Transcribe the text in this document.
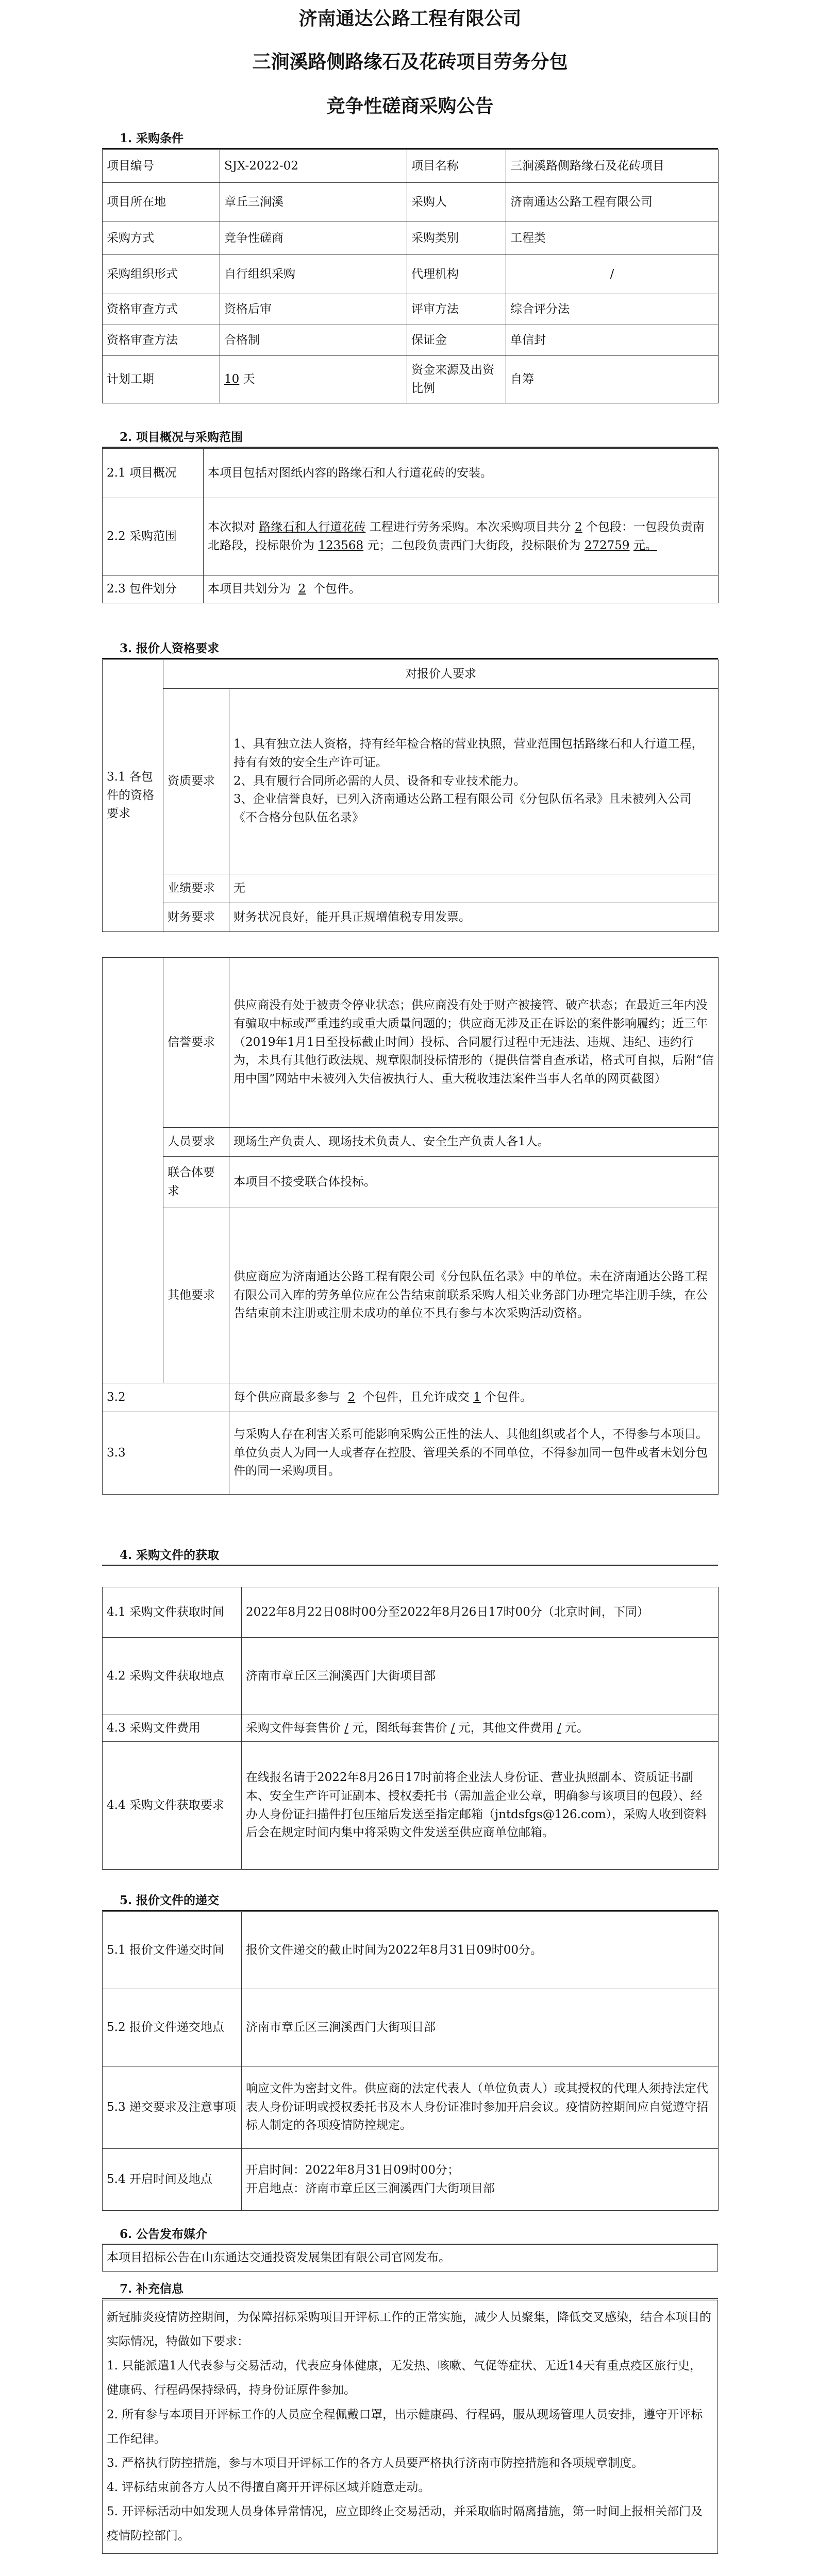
济南通达公路工程有限公司
三涧溪路侧路缘石及花砖项目劳务分包
竞争性磋商采购公告
1. 采购条件
项目编号	SJX-2022-02	项目名称	三涧溪路侧路缘石及花砖项目
项目所在地	章丘三涧溪	采购人	济南通达公路工程有限公司
采购方式	竞争性磋商	采购类别	工程类
采购组织形式	自行组织采购	代理机构	/
资格审查方式	资格后审	评审方法	综合评分法
资格审查方法	合格制	保证金	单信封
计划工期	10 天	资金来源及出资比例	自筹
2. 项目概况与采购范围
2.1 项目概况	本项目包括对图纸内容的路缘石和人行道花砖的安装。
2.2 采购范围	本次拟对 路缘石和人行道花砖 工程进行劳务采购。本次采购项目共分 2 个包段：一包段负责南北路段，投标限价为 123568 元；二包段负责西门大街段，投标限价为 272759 元。
2.3 包件划分	本项目共划分为 2 个包件。
3. 报价人资格要求
3.1 各包件的资格要求	对报价人要求	
	资质要求	1、具有独立法人资格，持有经年检合格的营业执照，营业范围包括路缘石和人行道工程，持有有效的安全生产许可证。
2、具有履行合同所必需的人员、设备和专业技术能力。
3、企业信誉良好，已列入济南通达公路工程有限公司《分包队伍名录》且未被列入公司《不合格分包队伍名录》

	业绩要求	无
	财务要求	财务状况良好，能开具正规增值税专用发票。

	信誉要求	供应商没有处于被责令停业状态；供应商没有处于财产被接管、破产状态；在最近三年内没有骗取中标或严重违约或重大质量问题的；供应商无涉及正在诉讼的案件影响履约；近三年（2019年1月1日至投标截止时间）投标、合同履行过程中无违法、违规、违纪、违约行为，未具有其他行政法规、规章限制投标情形的（提供信誉自查承诺，格式可自拟，后附“信用中国”网站中未被列入失信被执行人、重大税收违法案件当事人名单的网页截图）
	人员要求	现场生产负责人、现场技术负责人、安全生产负责人各1人。
	联合体要求	本项目不接受联合体投标。
	其他要求	供应商应为济南通达公路工程有限公司《分包队伍名录》中的单位。未在济南通达公路工程有限公司入库的劳务单位应在公告结束前联系采购人相关业务部门办理完毕注册手续，在公告结束前未注册或注册未成功的单位不具有参与本次采购活动资格。
3.2		每个供应商最多参与 2 个包件，且允许成交 1 个包件。
3.3		与采购人存在利害关系可能影响采购公正性的法人、其他组织或者个人，不得参与本项目。单位负责人为同一人或者存在控股、管理关系的不同单位，不得参加同一包件或者未划分包件的同一采购项目。
4. 采购文件的获取
4.1 采购文件获取时间	2022年8月22日08时00分至2022年8月26日17时00分（北京时间，下同）
4.2 采购文件获取地点	济南市章丘区三涧溪西门大街项目部
4.3 采购文件费用	采购文件每套售价 / 元，图纸每套售价 / 元，其他文件费用 / 元。
4.4 采购文件获取要求	在线报名请于2022年8月26日17时前将企业法人身份证、营业执照副本、资质证书副本、安全生产许可证副本、授权委托书（需加盖企业公章，明确参与该项目的包段）、经办人身份证扫描件打包压缩后发送至指定邮箱（jntdsfgs@126.com），采购人收到资料后会在规定时间内集中将采购文件发送至供应商单位邮箱。
5. 报价文件的递交
5.1 报价文件递交时间	报价文件递交的截止时间为2022年8月31日09时00分。
5.2 报价文件递交地点	济南市章丘区三涧溪西门大街项目部
5.3 递交要求及注意事项	响应文件为密封文件。供应商的法定代表人（单位负责人）或其授权的代理人须持法定代表人身份证明或授权委托书及本人身份证准时参加开启会议。疫情防控期间应自觉遵守招标人制定的各项疫情防控规定。
5.4 开启时间及地点	开启时间：2022年8月31日09时00分；
开启地点：济南市章丘区三涧溪西门大街项目部
6. 公告发布媒介
本项目招标公告在山东通达交通投资发展集团有限公司官网发布。
7. 补充信息
新冠肺炎疫情防控期间，为保障招标采购项目开评标工作的正常实施，减少人员聚集，降低交叉感染，结合本项目的实际情况，特做如下要求：
1. 只能派遣1人代表参与交易活动，代表应身体健康，无发热、咳嗽、气促等症状、无近14天有重点疫区旅行史，健康码、行程码保持绿码，持身份证原件参加。
2. 所有参与本项目开评标工作的人员应全程佩戴口罩，出示健康码、行程码，服从现场管理人员安排，遵守开评标工作纪律。
3. 严格执行防控措施，参与本项目开评标工作的各方人员要严格执行济南市防控措施和各项规章制度。
4. 评标结束前各方人员不得擅自离开开评标区域并随意走动。
5. 开评标活动中如发现人员身体异常情况，应立即终止交易活动，并采取临时隔离措施，第一时间上报相关部门及疫情防控部门。
